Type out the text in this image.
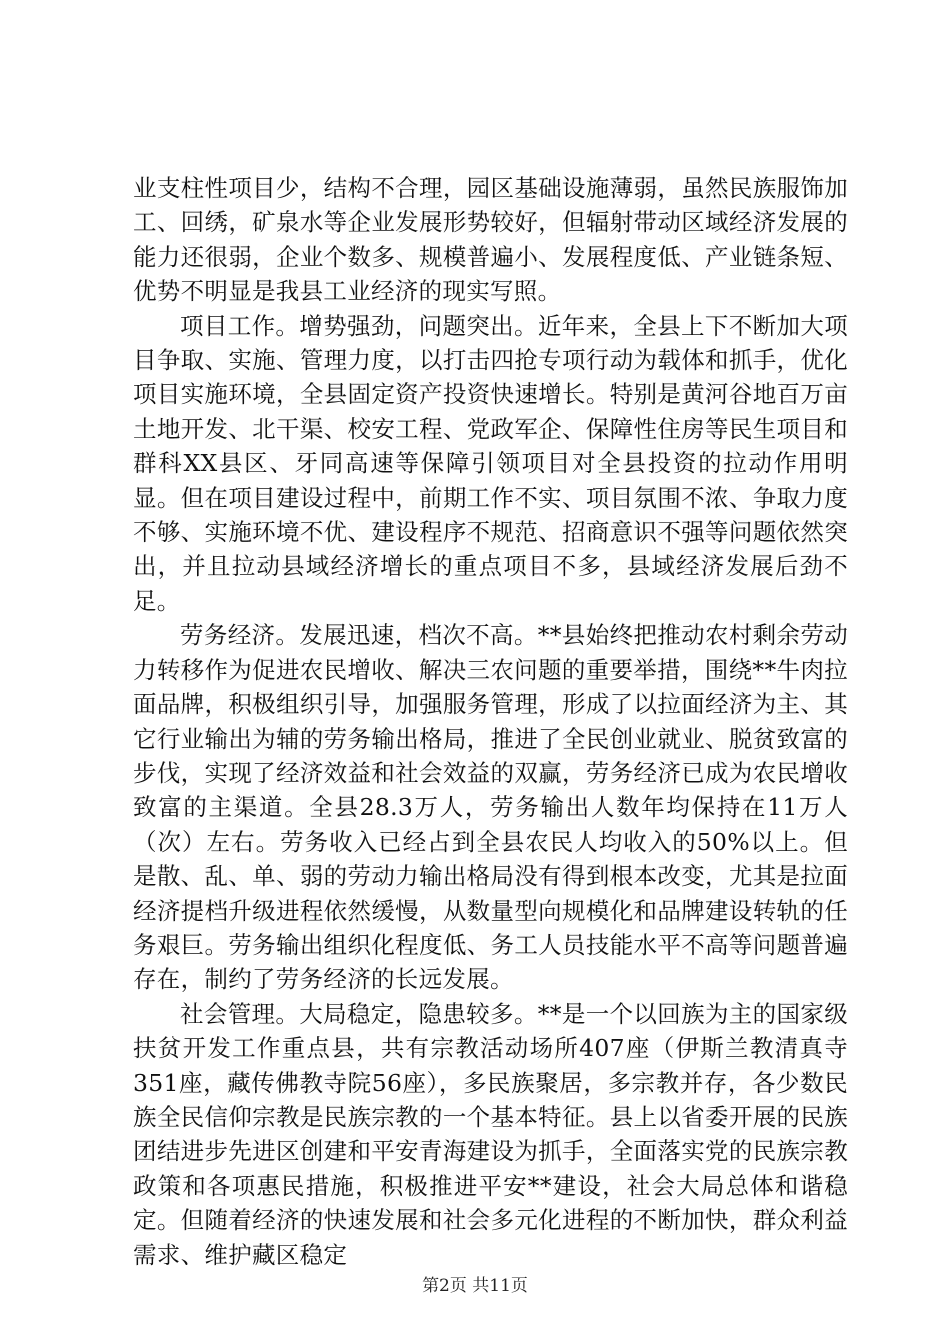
业支柱性项目少，结构不合理，园区基础设施薄弱，虽然民族服饰加工、回绣，矿泉水等企业发展形势较好，但辐射带动区域经济发展的能力还很弱，企业个数多、规模普遍小、发展程度低、产业链条短、优势不明显是我县工业经济的现实写照。

项目工作。增势强劲，问题突出。近年来，全县上下不断加大项目争取、实施、管理力度，以打击四抢专项行动为载体和抓手，优化项目实施环境，全县固定资产投资快速增长。特别是黄河谷地百万亩土地开发、北干渠、校安工程、党政军企、保障性住房等民生项目和群科XX县区、牙同高速等保障引领项目对全县投资的拉动作用明显。但在项目建设过程中，前期工作不实、项目氛围不浓、争取力度不够、实施环境不优、建设程序不规范、招商意识不强等问题依然突出，并且拉动县域经济增长的重点项目不多，县域经济发展后劲不足。

劳务经济。发展迅速，档次不高。**县始终把推动农村剩余劳动力转移作为促进农民增收、解决三农问题的重要举措，围绕**牛肉拉面品牌，积极组织引导，加强服务管理，形成了以拉面经济为主、其它行业输出为辅的劳务输出格局，推进了全民创业就业、脱贫致富的步伐，实现了经济效益和社会效益的双赢，劳务经济已成为农民增收致富的主渠道。全县28.3万人，劳务输出人数年均保持在11万人（次）左右。劳务收入已经占到全县农民人均收入的50%以上。但是散、乱、单、弱的劳动力输出格局没有得到根本改变，尤其是拉面经济提档升级进程依然缓慢，从数量型向规模化和品牌建设转轨的任务艰巨。劳务输出组织化程度低、务工人员技能水平不高等问题普遍存在，制约了劳务经济的长远发展。

社会管理。大局稳定，隐患较多。**是一个以回族为主的国家级扶贫开发工作重点县，共有宗教活动场所407座（伊斯兰教清真寺351座，藏传佛教寺院56座），多民族聚居，多宗教并存，各少数民族全民信仰宗教是民族宗教的一个基本特征。县上以省委开展的民族团结进步先进区创建和平安青海建设为抓手，全面落实党的民族宗教政策和各项惠民措施，积极推进平安**建设，社会大局总体和谐稳定。但随着经济的快速发展和社会多元化进程的不断加快，群众利益需求、维护藏区稳定

第2页 共11页
